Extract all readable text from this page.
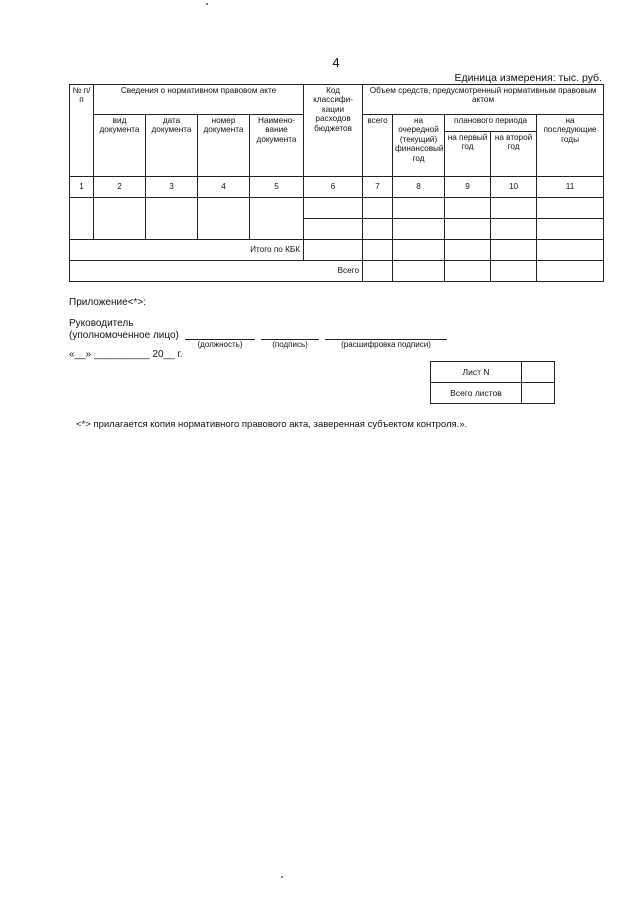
4
Единица измерения: тыс. руб.
№ п/п	Сведения о нормативном правовом акте				Код классифи-кации расходов бюджетов	Объем средств, предусмотренный нормативным правовым актом				
	вид документа	дата документа	номер документа	Наимено-вание документа		всего	на очередной (текущий) финансовый год	планового периода		на последующие годы
								на первый год	на второй год	
1	2	3	4	5	6	7	8	9	10	11

Итого по КБК										
Всего										
Приложение<*>:
Руководитель
(уполномоченное лицо)
(должность)	(подпись)	(расшифровка подписи)
«__» __________ 20__ г.
Лист N	
Всего листов	
<*> прилагается копия нормативного правового акта, заверенная субъектом контроля.».
